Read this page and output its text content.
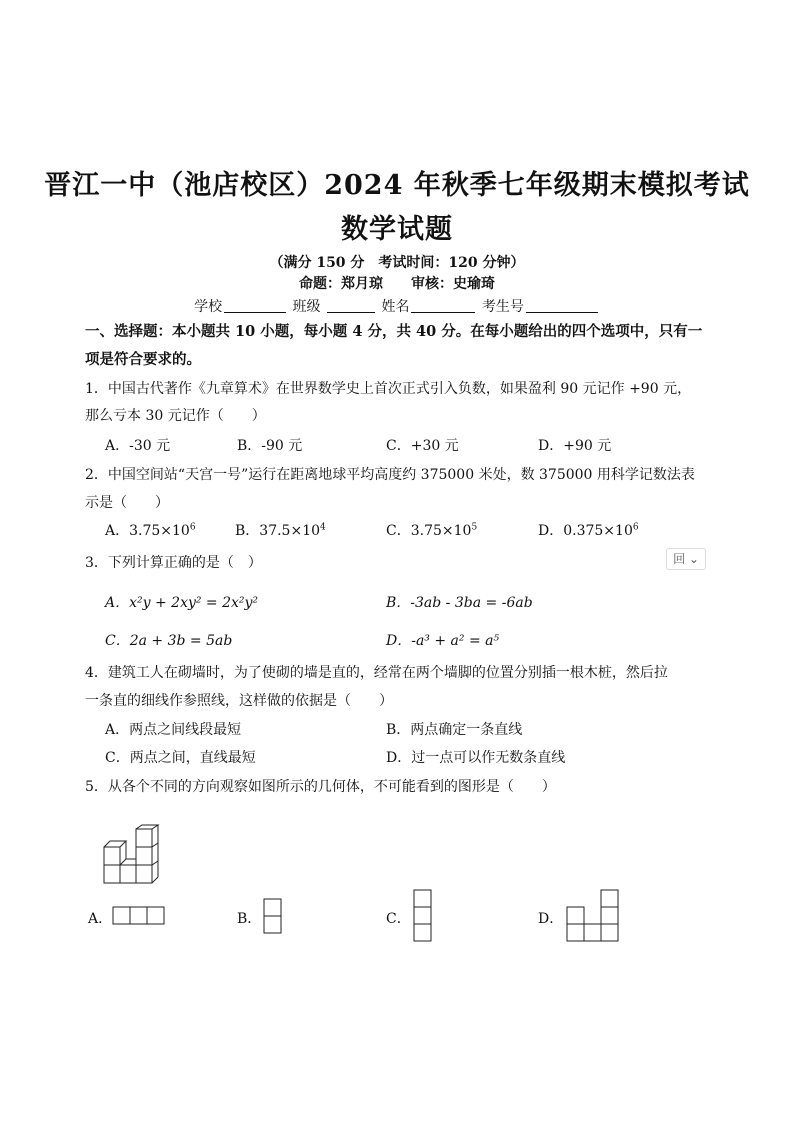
晋江一中（池店校区）2024 年秋季七年级期末模拟考试
数学试题
（满分 150 分　考试时间：120 分钟）
命题：郑月琼　　审核：史瑜琦
学校	班级	姓名	考生号
一、选择题：本小题共 10 小题，每小题 4 分，共 40 分。在每小题给出的四个选项中，只有一
项是符合要求的。
1．中国古代著作《九章算术》在世界数学史上首次正式引入负数，如果盈利 90 元记作 +90 元，
那么亏本 30 元记作（　　）
A．-30 元	B．-90 元	C．+30 元	D．+90 元
2．中国空间站“天宫一号”运行在距离地球平均高度约 375000 米处，数 375000 用科学记数法表
示是（　　）
A．$3.75\times 10^6$	B．$37.5\times 10^4$	C．$3.75\times 10^5$	D．$0.375\times 10^6$
3．下列计算正确的是（　）	回 ⌄
A．x²y + 2xy² = 2x²y²	B．-3ab - 3ba = -6ab
C．2a + 3b = 5ab	D．-a³ + a² = a⁵
4．建筑工人在砌墙时，为了使砌的墙是直的，经常在两个墙脚的位置分别插一根木桩，然后拉
一条直的细线作参照线，这样做的依据是（　　）
A．两点之间线段最短	B．两点确定一条直线
C．两点之间，直线最短	D．过一点可以作无数条直线
5．从各个不同的方向观察如图所示的几何体，不可能看到的图形是（　　）
A．	B．	C．	D．
